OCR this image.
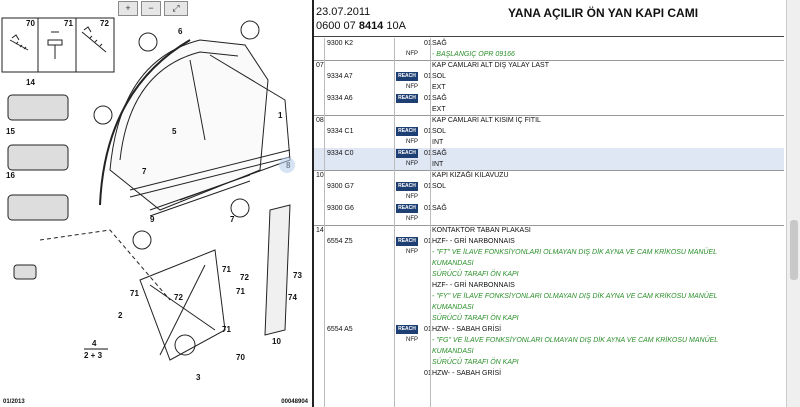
70	71	72
6
14
5
1
15
7
16
9	7
71
72
72
71
2
71
73
74
10
71
70
3
4
2 + 3
+	−	⤢
01/2013	00048904
23.07.2011
0600 07 8414 10A
YANA AÇILIR ÖN YAN KAPI CAMI
9300 K2	01 SAĞ
NFP - BAŞLANGIÇ OPR 09166
07	KAP CAMLARI ALT DIŞ YALAY LAST
9334 A7	REACH	01 SOL
NFP EXT
9334 A6	REACH	01 SAĞ
EXT
08	KAP CAMLARI ALT KISIM İÇ FİTİL
9334 C1	REACH	01 SOL
NFP INT
9334 C0	REACH	01 SAĞ
NFP INT
10	KAPI KIZAĞI KILAVUZU
9300 G7	REACH	01 SOL
NFP
9300 G6	REACH	01 SAĞ
NFP
14	KONTAKTÖR TABAN PLAKASI
6554 Z5	REACH	01 HZF- - GRİ NARBONNAIS
NFP - "FT" VE İLAVE FONKSİYONLARI OLMAYAN DIŞ DİK AYNA VE CAM KRİKOSU MANÜEL
KUMANDASI
SÜRÜCÜ TARAFI ÖN KAPI
HZF- - GRİ NARBONNAIS
- "FY" VE İLAVE FONKSİYONLARI OLMAYAN DIŞ DİK AYNA VE CAM KRİKOSU MANÜEL
KUMANDASI
SÜRÜCÜ TARAFI ÖN KAPI
6554 A5	REACH	01 HZW- - SABAH GRİSİ
NFP - "FG" VE İLAVE FONKSİYONLARI OLMAYAN DIŞ DİK AYNA VE CAM KRİKOSU MANÜEL
KUMANDASI
SÜRÜCÜ TARAFI ÖN KAPI
01 HZW- - SABAH GRİSİ
